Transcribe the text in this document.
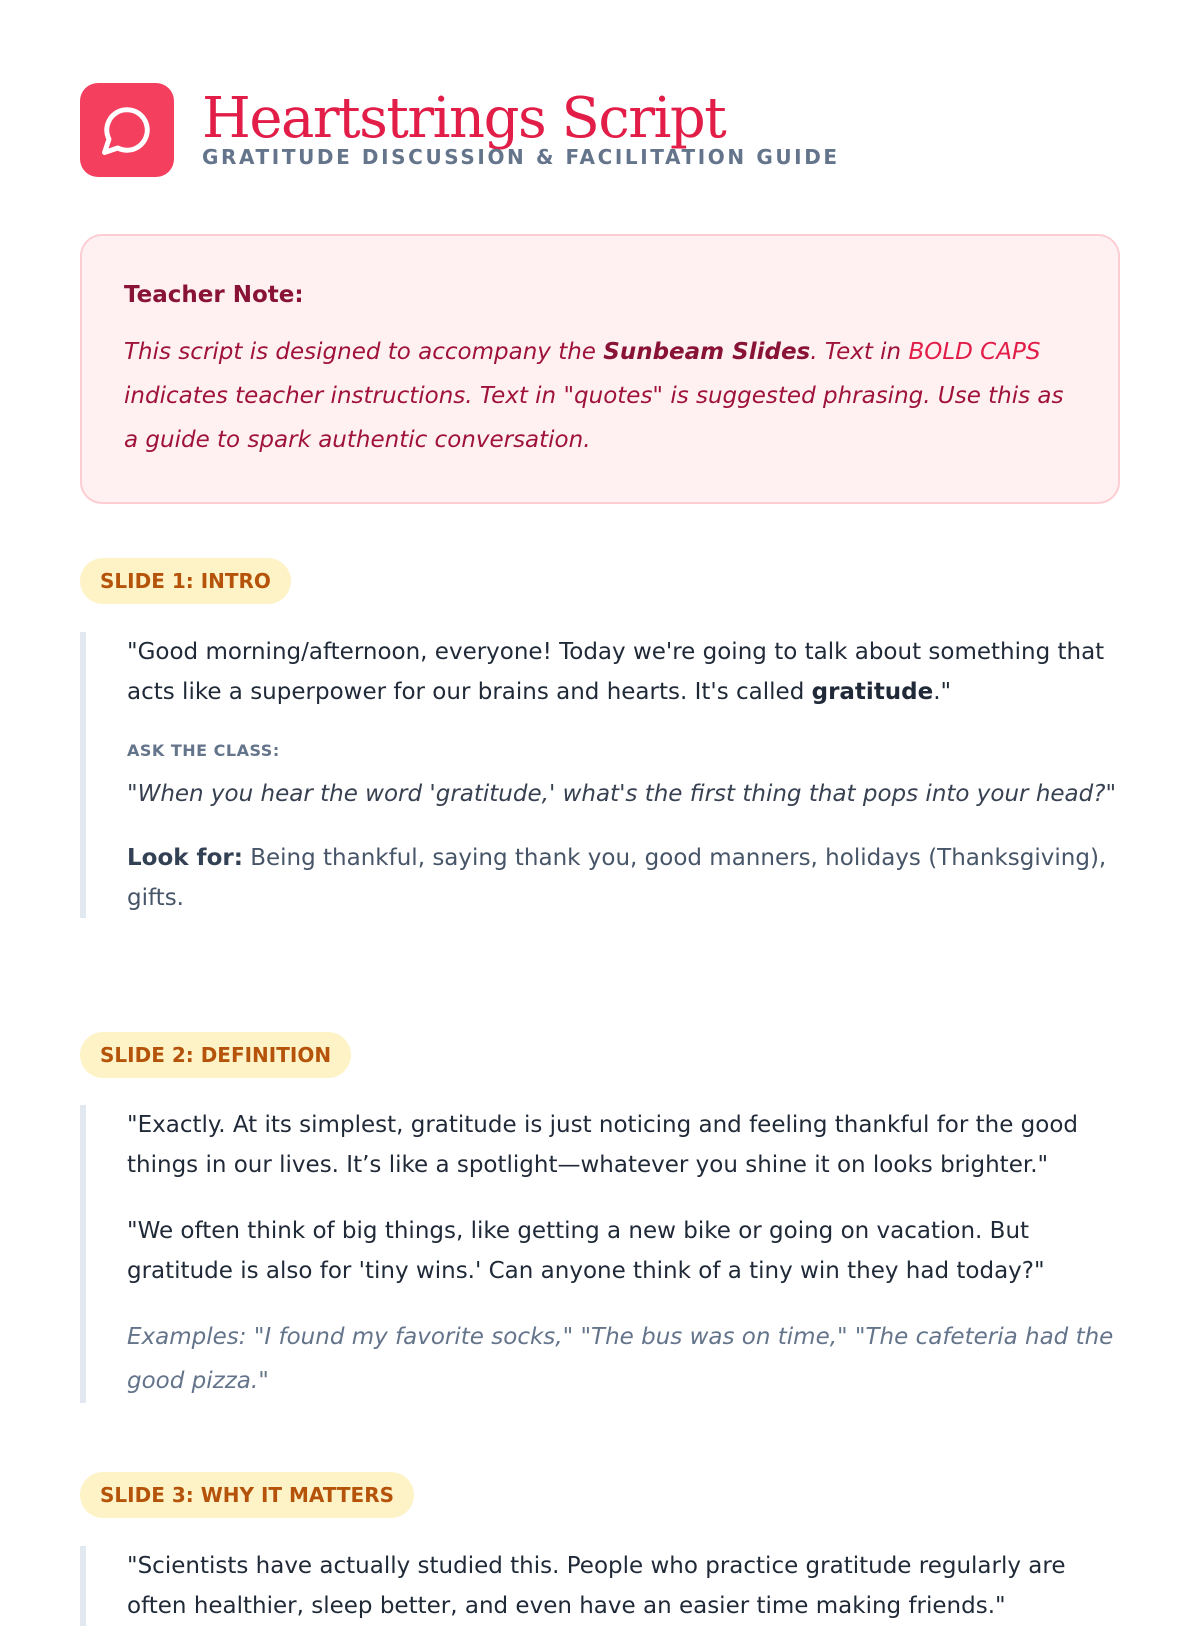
Heartstrings Script
GRATITUDE DISCUSSION & FACILITATION GUIDE
Teacher Note:
This script is designed to accompany the Sunbeam Slides. Text in BOLD CAPS indicates teacher instructions. Text in "quotes" is suggested phrasing. Use this as a guide to spark authentic conversation.
SLIDE 1: INTRO
"Good morning/afternoon, everyone! Today we're going to talk about something that acts like a superpower for our brains and hearts. It's called gratitude."
ASK THE CLASS:
"When you hear the word 'gratitude,' what's the first thing that pops into your head?"
Look for: Being thankful, saying thank you, good manners, holidays (Thanksgiving), gifts.
SLIDE 2: DEFINITION
"Exactly. At its simplest, gratitude is just noticing and feeling thankful for the good things in our lives. It’s like a spotlight—whatever you shine it on looks brighter."
"We often think of big things, like getting a new bike or going on vacation. But gratitude is also for 'tiny wins.' Can anyone think of a tiny win they had today?"
Examples: "I found my favorite socks," "The bus was on time," "The cafeteria had the good pizza."
SLIDE 3: WHY IT MATTERS
"Scientists have actually studied this. People who practice gratitude regularly are often healthier, sleep better, and even have an easier time making friends."
